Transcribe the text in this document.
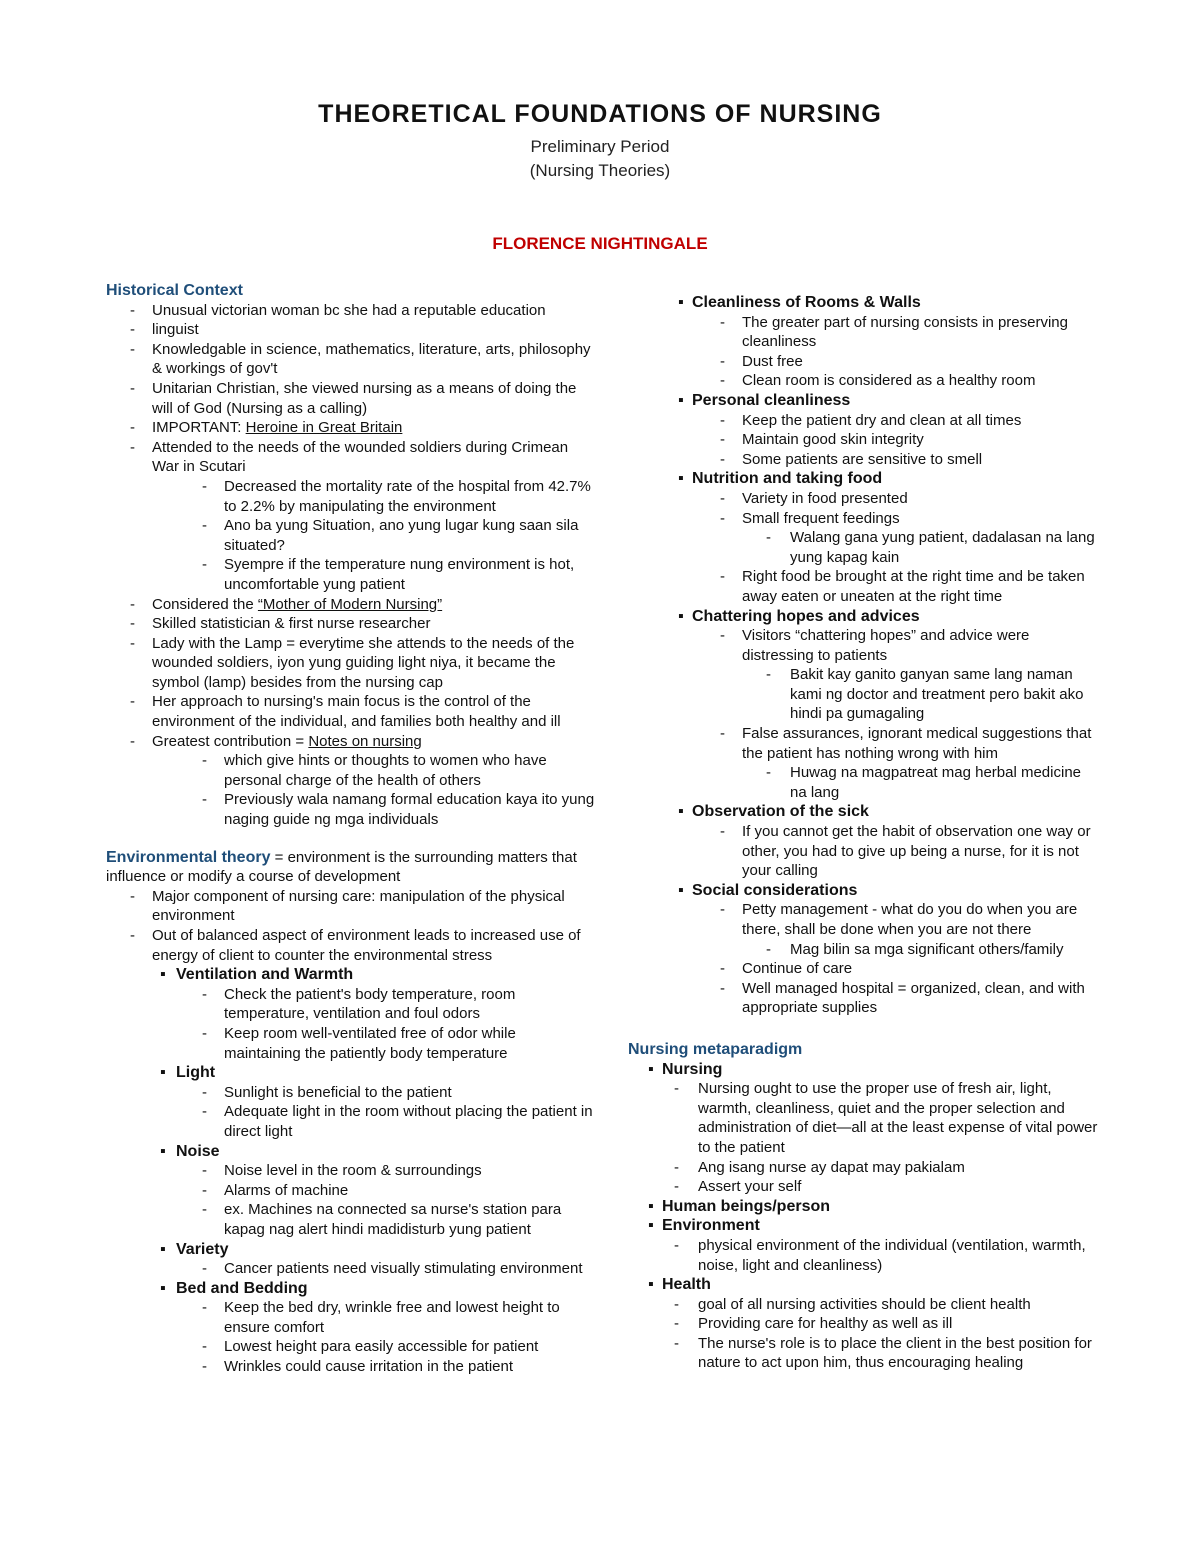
THEORETICAL FOUNDATIONS OF NURSING
Preliminary Period
(Nursing Theories)
FLORENCE NIGHTINGALE
Historical Context
- Unusual victorian woman bc she had a reputable education
- linguist
- Knowledgable in science, mathematics, literature, arts, philosophy & workings of gov't
- Unitarian Christian, she viewed nursing as a means of doing the will of God (Nursing as a calling)
- IMPORTANT: Heroine in Great Britain
- Attended to the needs of the wounded soldiers during Crimean War in Scutari
- Decreased the mortality rate of the hospital from 42.7% to 2.2% by manipulating the environment
- Ano ba yung Situation, ano yung lugar kung saan sila situated?
- Syempre if the temperature nung environment is hot, uncomfortable yung patient
- Considered the “Mother of Modern Nursing”
- Skilled statistician & first nurse researcher
- Lady with the Lamp = everytime she attends to the needs of the wounded soldiers, iyon yung guiding light niya, it became the symbol (lamp) besides from the nursing cap
- Her approach to nursing's main focus is the control of the environment of the individual, and families both healthy and ill
- Greatest contribution = Notes on nursing
- which give hints or thoughts to women who have personal charge of the health of others
- Previously wala namang formal education kaya ito yung naging guide ng mga individuals

Environmental theory = environment is the surrounding matters that influence or modify a course of development

- Major component of nursing care: manipulation of the physical environment
- Out of balanced aspect of environment leads to increased use of energy of client to counter the environmental stress
▪ Ventilation and Warmth
- Check the patient's body temperature, room temperature, ventilation and foul odors
- Keep room well-ventilated free of odor while maintaining the patiently body temperature
▪ Light
- Sunlight is beneficial to the patient
- Adequate light in the room without placing the patient in direct light
▪ Noise
- Noise level in the room & surroundings
- Alarms of machine
- ex. Machines na connected sa nurse's station para kapag nag alert hindi madidisturb yung patient
▪ Variety
- Cancer patients need visually stimulating environment
▪ Bed and Bedding
- Keep the bed dry, wrinkle free and lowest height to ensure comfort
- Lowest height para easily accessible for patient
- Wrinkles could cause irritation in the patient
▪ Cleanliness of Rooms & Walls
- The greater part of nursing consists in preserving cleanliness
- Dust free
- Clean room is considered as a healthy room
▪ Personal cleanliness
- Keep the patient dry and clean at all times
- Maintain good skin integrity
- Some patients are sensitive to smell
▪ Nutrition and taking food
- Variety in food presented
- Small frequent feedings
- Walang gana yung patient, dadalasan na lang yung kapag kain
- Right food be brought at the right time and be taken away eaten or uneaten at the right time
▪ Chattering hopes and advices
- Visitors “chattering hopes” and advice were distressing to patients
- Bakit kay ganito ganyan same lang naman kami ng doctor and treatment pero bakit ako hindi pa gumagaling
- False assurances, ignorant medical suggestions that the patient has nothing wrong with him
- Huwag na magpatreat mag herbal medicine na lang
▪ Observation of the sick
- If you cannot get the habit of observation one way or other, you had to give up being a nurse, for it is not your calling
▪ Social considerations
- Petty management - what do you do when you are there, shall be done when you are not there
- Mag bilin sa mga significant others/family
- Continue of care
- Well managed hospital = organized, clean, and with appropriate supplies
Nursing metaparadigm
▪ Nursing
- Nursing ought to use the proper use of fresh air, light, warmth, cleanliness, quiet and the proper selection and administration of diet—all at the least expense of vital power to the patient
- Ang isang nurse ay dapat may pakialam
- Assert your self
▪ Human beings/person
▪ Environment
- physical environment of the individual (ventilation, warmth, noise, light and cleanliness)
▪ Health
- goal of all nursing activities should be client health
- Providing care for healthy as well as ill
- The nurse's role is to place the client in the best position for nature to act upon him, thus encouraging healing
